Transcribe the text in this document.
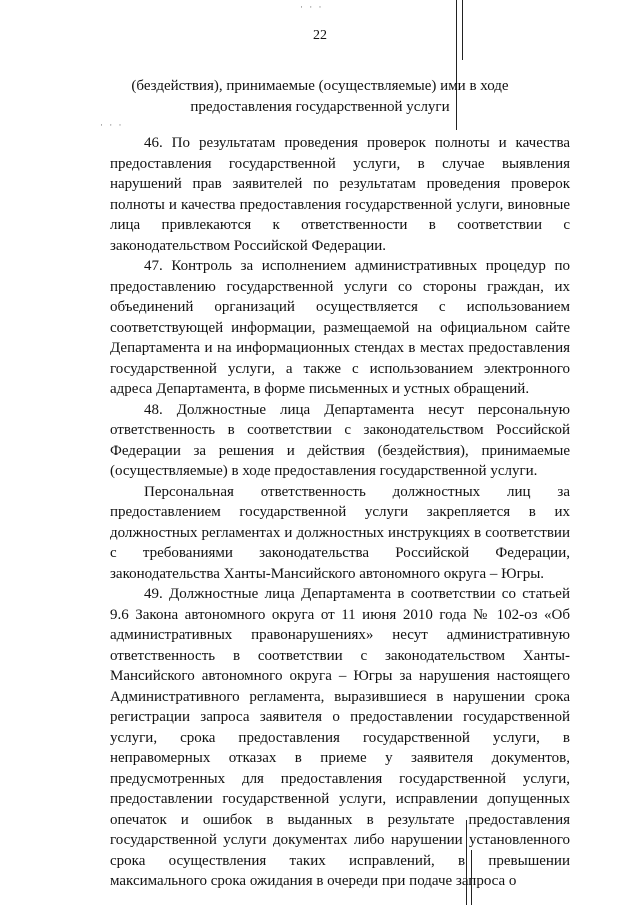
· · ·
· · ·
22
(бездействия), принимаемые (осуществляемые) ими в ходе предоставления государственной услуги

46. По результатам проведения проверок полноты и качества предоставления государственной услуги, в случае выявления нарушений прав заявителей по результатам проведения проверок полноты и качества предоставления государственной услуги, виновные лица привлекаются к ответственности в соответствии с законодательством Российской Федерации.

47. Контроль за исполнением административных процедур по предоставлению государственной услуги со стороны граждан, их объединений организаций осуществляется с использованием соответствующей информации, размещаемой на официальном сайте Департамента и на информационных стендах в местах предоставления государственной услуги, а также с использованием электронного адреса Департамента, в форме письменных и устных обращений.

48. Должностные лица Департамента несут персональную ответственность в соответствии с законодательством Российской Федерации за решения и действия (бездействия), принимаемые (осуществляемые) в ходе предоставления государственной услуги.

Персональная ответственность должностных лиц за предоставлением государственной услуги закрепляется в их должностных регламентах и должностных инструкциях в соответствии с требованиями законодательства Российской Федерации, законодательства Ханты-Мансийского автономного округа – Югры.

49. Должностные лица Департамента в соответствии со статьей 9.6 Закона автономного округа от 11 июня 2010 года № 102-оз «Об административных правонарушениях» несут административную ответственность в соответствии с законодательством Ханты-Мансийского автономного округа – Югры за нарушения настоящего Административного регламента, выразившиеся в нарушении срока регистрации запроса заявителя о предоставлении государственной услуги, срока предоставления государственной услуги, в неправомерных отказах в приеме у заявителя документов, предусмотренных для предоставления государственной услуги, предоставлении государственной услуги, исправлении допущенных опечаток и ошибок в выданных в результате предоставления государственной услуги документах либо нарушении установленного срока осуществления таких исправлений, в превышении максимального срока ожидания в очереди при подаче запроса о
